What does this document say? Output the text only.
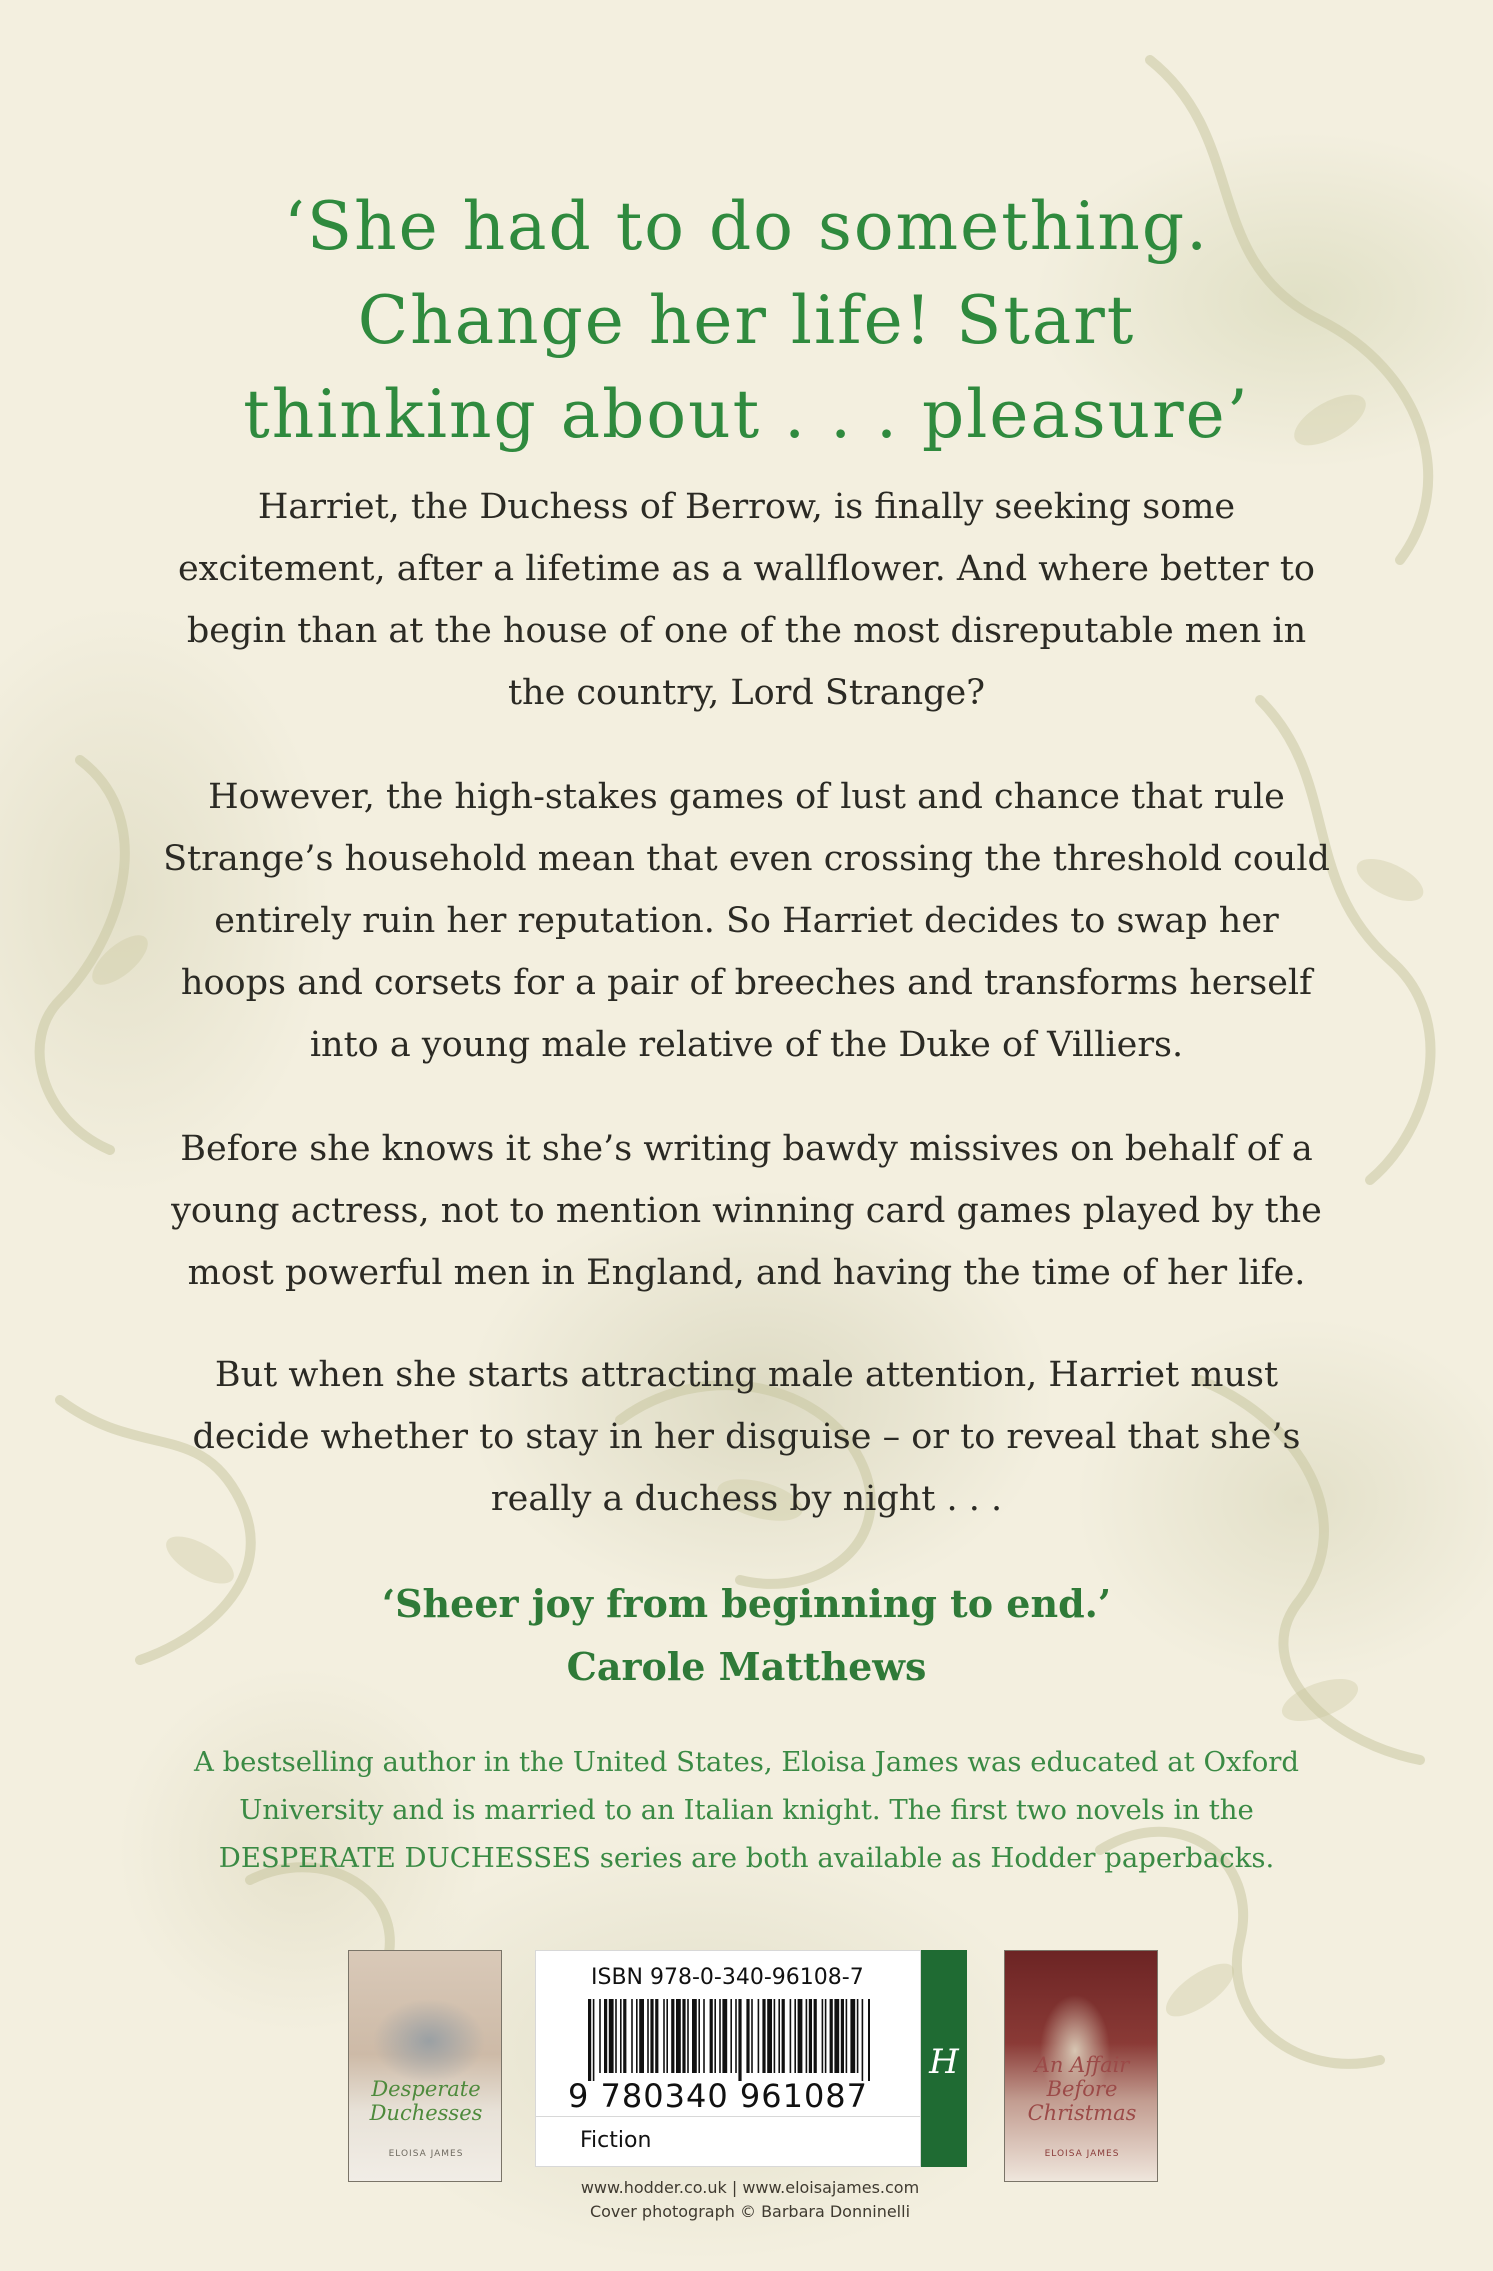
‘She had to do something.
Change her life! Start
thinking about . . . pleasure’
Harriet, the Duchess of Berrow, is finally seeking some
excitement, after a lifetime as a wallflower. And where better to
begin than at the house of one of the most disreputable men in
the country, Lord Strange?
However, the high-stakes games of lust and chance that rule
Strange’s household mean that even crossing the threshold could
entirely ruin her reputation. So Harriet decides to swap her
hoops and corsets for a pair of breeches and transforms herself
into a young male relative of the Duke of Villiers.
Before she knows it she’s writing bawdy missives on behalf of a
young actress, not to mention winning card games played by the
most powerful men in England, and having the time of her life.
But when she starts attracting male attention, Harriet must
decide whether to stay in her disguise – or to reveal that she’s
really a duchess by night . . .
‘Sheer joy from beginning to end.’
Carole Matthews
A bestselling author in the United States, Eloisa James was educated at Oxford
University and is married to an Italian knight. The first two novels in the
DESPERATE DUCHESSES series are both available as Hodder paperbacks.
Desperate Duchesses
ELOISA JAMES
ISBN 978-0-340-96108-7
9 780340 961087
Fiction
H	An Affair Before Christmas
ELOISA JAMES
www.hodder.co.uk | www.eloisajames.com
Cover photograph © Barbara Donninelli
